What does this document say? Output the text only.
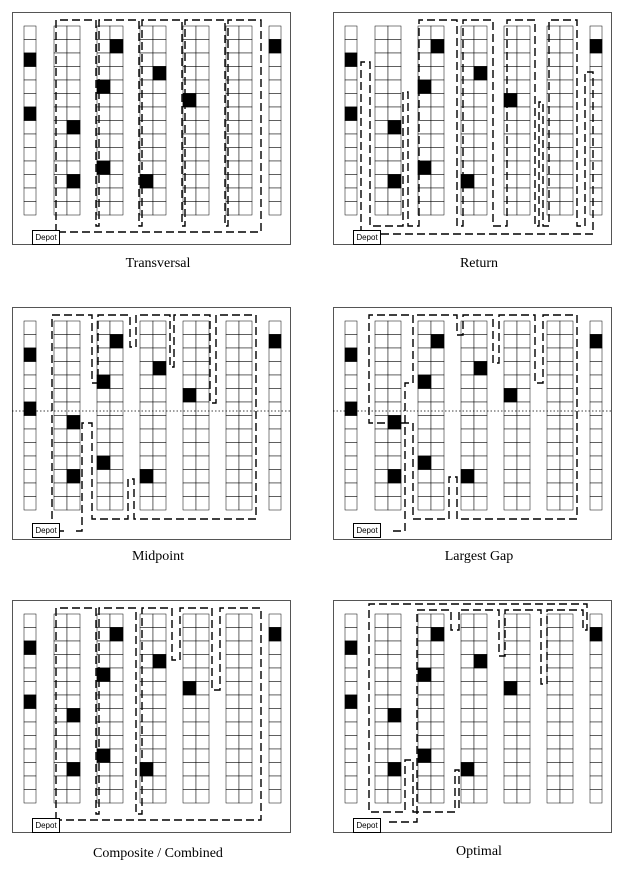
Depot
Transversal
Depot
Return
Depot
Midpoint
Depot
Largest Gap
Depot
Composite / Combined
Depot
Optimal
